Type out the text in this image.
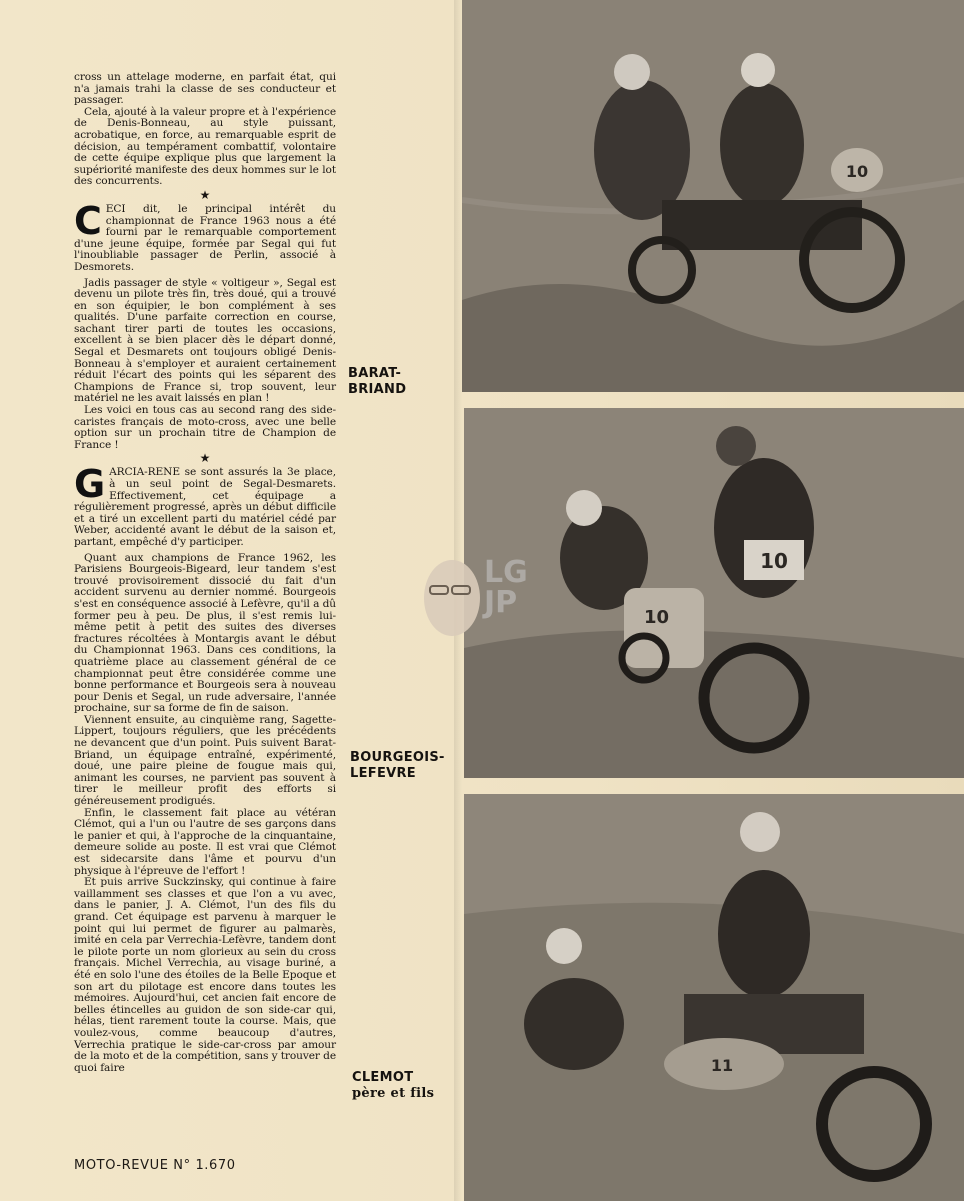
cross un attelage moderne, en parfait état, qui n'a jamais trahi la classe de ses conducteur et passager.

Cela, ajouté à la valeur propre et à l'expérience de Denis-Bonneau, au style puissant, acrobatique, en force, au remarquable esprit de décision, au tempérament combattif, volontaire de cette équipe explique plus que largement la supériorité manifeste des deux hommes sur le lot des concurrents.

★
C ECI dit, le principal intérêt du championnat de France 1963 nous a été fourni par le remarquable comportement d'une jeune équipe, formée par Segal qui fut l'inoubliable passager de Perlin, associé à Desmorets.

Jadis passager de style « voltigeur », Segal est devenu un pilote très fin, très doué, qui a trouvé en son équipier, le bon complément à ses qualités. D'une parfaite correction en course, sachant tirer parti de toutes les occasions, excellent à se bien placer dès le départ donné, Segal et Desmarets ont toujours obligé Denis-Bonneau à s'employer et auraient certainement réduit l'écart des points qui les séparent des Champions de France si, trop souvent, leur matériel ne les avait laissés en plan !

Les voici en tous cas au second rang des side-caristes français de moto-cross, avec une belle option sur un prochain titre de Champion de France !

★
G ARCIA-RENE se sont assurés la 3e place, à un seul point de Segal-Desmarets. Effectivement, cet équipage a régulièrement progressé, après un début difficile et a tiré un excellent parti du matériel cédé par Weber, accidenté avant le début de la saison et, partant, empêché d'y participer.

Quant aux champions de France 1962, les Parisiens Bourgeois-Bigeard, leur tandem s'est trouvé provisoirement dissocié du fait d'un accident survenu au dernier nommé. Bourgeois s'est en conséquence associé à Lefèvre, qu'il a dû former peu à peu. De plus, il s'est remis lui-même petit à petit des suites des diverses fractures récoltées à Montargis avant le début du Championnat 1963. Dans ces conditions, la quatrième place au classement général de ce championnat peut être considérée comme une bonne performance et Bourgeois sera à nouveau pour Denis et Segal, un rude adversaire, l'année prochaine, sur sa forme de fin de saison.

Viennent ensuite, au cinquième rang, Sagette-Lippert, toujours réguliers, que les précédents ne devancent que d'un point. Puis suivent Barat-Briand, un équipage entraîné, expérimenté, doué, une paire pleine de fougue mais qui, animant les courses, ne parvient pas souvent à tirer le meilleur profit des efforts si généreusement prodigués.

Enfin, le classement fait place au vétéran Clémot, qui a l'un ou l'autre de ses garçons dans le panier et qui, à l'approche de la cinquantaine, demeure solide au poste. Il est vrai que Clémot est sidecarsite dans l'âme et pourvu d'un physique à l'épreuve de l'effort !

Et puis arrive Suckzinsky, qui continue à faire vaillamment ses classes et que l'on a vu avec, dans le panier, J. A. Clémot, l'un des fils du grand. Cet équipage est parvenu à marquer le point qui lui permet de figurer au palmarès, imité en cela par Verrechia-Lefèvre, tandem dont le pilote porte un nom glorieux au sein du cross français. Michel Verrechia, au visage buriné, a été en solo l'une des étoiles de la Belle Epoque et son art du pilotage est encore dans toutes les mémoires. Aujourd'hui, cet ancien fait encore de belles étincelles au guidon de son side-car qui, hélas, tient rarement toute la course. Mais, que voulez-vous, comme beaucoup d'autres, Verrechia pratique le side-car-cross par amour de la moto et de la compétition, sans y trouver de quoi faire

10
BARAT-
BRIAND
10
10
BOURGEOIS-
LEFEVRE
11
CLEMOT
père et fils
LG
JP
MOTO-REVUE N° 1.670
